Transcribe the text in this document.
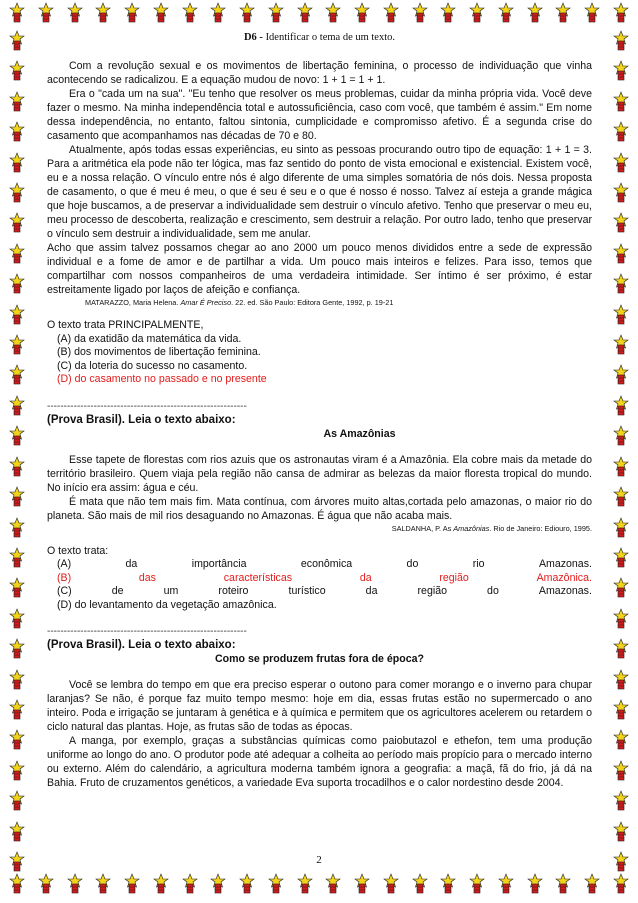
D6 - Identificar o tema de um texto.

Com a revolução sexual e os movimentos de libertação feminina, o processo de individuação que vinha acontecendo se radicalizou. E a equação mudou de novo: 1 + 1 = 1 + 1.

Era o "cada um na sua". "Eu tenho que resolver os meus problemas, cuidar da minha própria vida. Você deve fazer o mesmo. Na minha independência total e autossuficiência, caso com você, que também é assim." Em nome dessa independência, no entanto, faltou sintonia, cumplicidade e compromisso afetivo. É a segunda crise do casamento que acompanhamos nas décadas de 70 e 80.

Atualmente, após todas essas experiências, eu sinto as pessoas procurando outro tipo de equação: 1 + 1 = 3. Para a aritmética ela pode não ter lógica, mas faz sentido do ponto de vista emocional e existencial. Existem você, eu e a nossa relação. O vínculo entre nós é algo diferente de uma simples somatória de nós dois. Nessa proposta de casamento, o que é meu é meu, o que é seu é seu e o que é nosso é nosso. Talvez aí esteja a grande mágica que hoje buscamos, a de preservar a individualidade sem destruir o vínculo afetivo. Tenho que preservar o meu eu, meu processo de descoberta, realização e crescimento, sem destruir a relação. Por outro lado, tenho que preservar o vínculo sem destruir a individualidade, sem me anular.

Acho que assim talvez possamos chegar ao ano 2000 um pouco menos divididos entre a sede de expressão individual e a fome de amor e de partilhar a vida. Um pouco mais inteiros e felizes. Para isso, temos que compartilhar com nossos companheiros de uma verdadeira intimidade. Ser íntimo é ser próximo, é estar estreitamente ligado por laços de afeição e confiança.

MATARAZZO, Maria Helena. Amar É Preciso. 22. ed. São Paulo: Editora Gente, 1992, p. 19-21
O texto trata PRINCIPALMENTE,
(A) da exatidão da matemática da vida.
(B) dos movimentos de libertação feminina.
(C) da loteria do sucesso no casamento.
(D) do casamento no passado e no presente
------------------------------------------------------------
(Prova Brasil). Leia o texto abaixo:
As Amazônias

Esse tapete de florestas com rios azuis que os astronautas viram é a Amazônia. Ela cobre mais da metade do território brasileiro. Quem viaja pela região não cansa de admirar as belezas da maior floresta tropical do mundo. No início era assim: água e céu.

É mata que não tem mais fim. Mata contínua, com árvores muito altas,cortada pelo amazonas, o maior rio do planeta. São mais de mil rios desaguando no Amazonas. É água que não acaba mais.

SALDANHA, P. As Amazônias. Rio de Janeiro: Ediouro, 1995.
O texto trata:
(A)	da	importância	econômica	do	rio	Amazonas.
(B)	das	características	da	região	Amazônica.
(C)	de	um	roteiro	turístico	da	região	do	Amazonas.
(D) do levantamento da vegetação amazônica.
------------------------------------------------------------
(Prova Brasil). Leia o texto abaixo:
Como se produzem frutas fora de época?

Você se lembra do tempo em que era preciso esperar o outono para comer morango e o inverno para chupar laranjas? Se não, é porque faz muito tempo mesmo: hoje em dia, essas frutas estão no supermercado o ano inteiro. Poda e irrigação se juntaram à genética e à química e permitem que os agricultores acelerem ou retardem o ciclo natural das plantas. Hoje, as frutas são de todas as épocas.

A manga, por exemplo, graças a substâncias químicas como paiobutazol e ethefon, tem uma produção uniforme ao longo do ano. O produtor pode até adequar a colheita ao período mais propício para o mercado interno ou externo. Além do calendário, a agricultura moderna também ignora a geografia: a maçã, fã do frio, já dá na Bahia. Fruto de cruzamentos genéticos, a variedade Eva suporta trocadilhos e o calor nordestino desde 2004.

2
